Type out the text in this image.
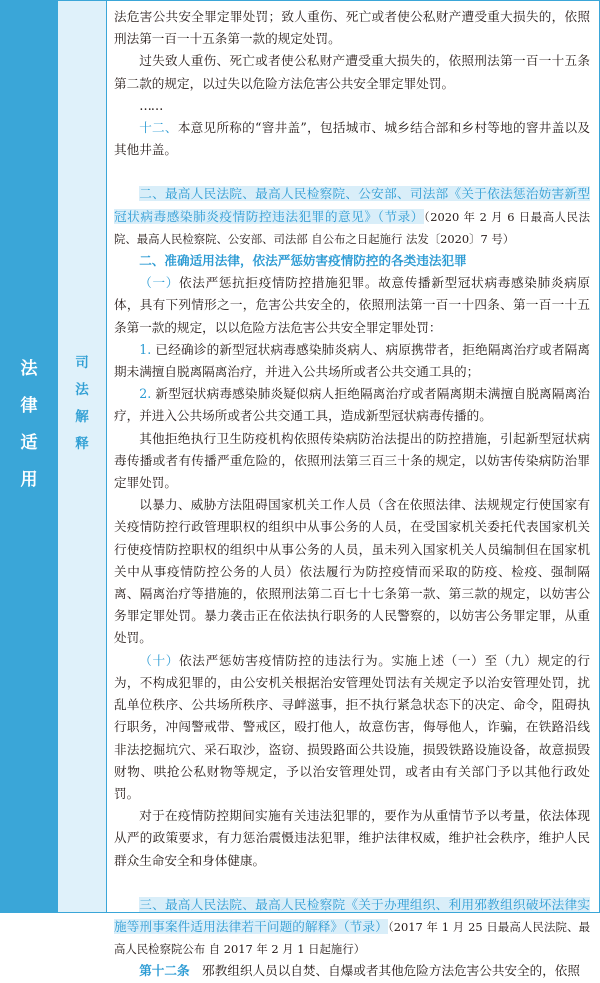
法律适用
司法解释

法危害公共安全罪定罪处罚；致人重伤、死亡或者使公私财产遭受重大损失的，依照刑法第一百一十五条第一款的规定处罚。

过失致人重伤、死亡或者使公私财产遭受重大损失的，依照刑法第一百一十五条第二款的规定，以过失以危险方法危害公共安全罪定罪处罚。

……

十二、本意见所称的“窨井盖”，包括城市、城乡结合部和乡村等地的窨井盖以及其他井盖。

二、最高人民法院、最高人民检察院、公安部、司法部《关于依法惩治妨害新型冠状病毒感染肺炎疫情防控违法犯罪的意见》（节录）（2020 年 2 月 6 日最高人民法院、最高人民检察院、公安部、司法部 自公布之日起施行 法发〔2020〕7 号）

二、准确适用法律，依法严惩妨害疫情防控的各类违法犯罪

（一）依法严惩抗拒疫情防控措施犯罪。故意传播新型冠状病毒感染肺炎病原体，具有下列情形之一，危害公共安全的，依照刑法第一百一十四条、第一百一十五条第一款的规定，以以危险方法危害公共安全罪定罪处罚：

1. 已经确诊的新型冠状病毒感染肺炎病人、病原携带者，拒绝隔离治疗或者隔离期未满擅自脱离隔离治疗，并进入公共场所或者公共交通工具的；

2. 新型冠状病毒感染肺炎疑似病人拒绝隔离治疗或者隔离期未满擅自脱离隔离治疗，并进入公共场所或者公共交通工具，造成新型冠状病毒传播的。

其他拒绝执行卫生防疫机构依照传染病防治法提出的防控措施，引起新型冠状病毒传播或者有传播严重危险的，依照刑法第三百三十条的规定，以妨害传染病防治罪定罪处罚。

以暴力、威胁方法阻碍国家机关工作人员（含在依照法律、法规规定行使国家有关疫情防控行政管理职权的组织中从事公务的人员，在受国家机关委托代表国家机关行使疫情防控职权的组织中从事公务的人员，虽未列入国家机关人员编制但在国家机关中从事疫情防控公务的人员）依法履行为防控疫情而采取的防疫、检疫、强制隔离、隔离治疗等措施的，依照刑法第二百七十七条第一款、第三款的规定，以妨害公务罪定罪处罚。暴力袭击正在依法执行职务的人民警察的，以妨害公务罪定罪，从重处罚。

（十）依法严惩妨害疫情防控的违法行为。实施上述（一）至（九）规定的行为，不构成犯罪的，由公安机关根据治安管理处罚法有关规定予以治安管理处罚，扰乱单位秩序、公共场所秩序、寻衅滋事，拒不执行紧急状态下的决定、命令，阻碍执行职务，冲闯警戒带、警戒区，殴打他人，故意伤害，侮辱他人，诈骗，在铁路沿线非法挖掘坑穴、采石取沙，盗窃、损毁路面公共设施，损毁铁路设施设备，故意损毁财物、哄抢公私财物等规定，予以治安管理处罚，或者由有关部门予以其他行政处罚。

对于在疫情防控期间实施有关违法犯罪的，要作为从重情节予以考量，依法体现从严的政策要求，有力惩治震慑违法犯罪，维护法律权威，维护社会秩序，维护人民群众生命安全和身体健康。

三、最高人民法院、最高人民检察院《关于办理组织、利用邪教组织破坏法律实施等刑事案件适用法律若干问题的解释》（节录）（2017 年 1 月 25 日最高人民法院、最高人民检察院公布 自 2017 年 2 月 1 日起施行）

第十二条　 邪教组织人员以自焚、自爆或者其他危险方法危害公共安全的，依照
